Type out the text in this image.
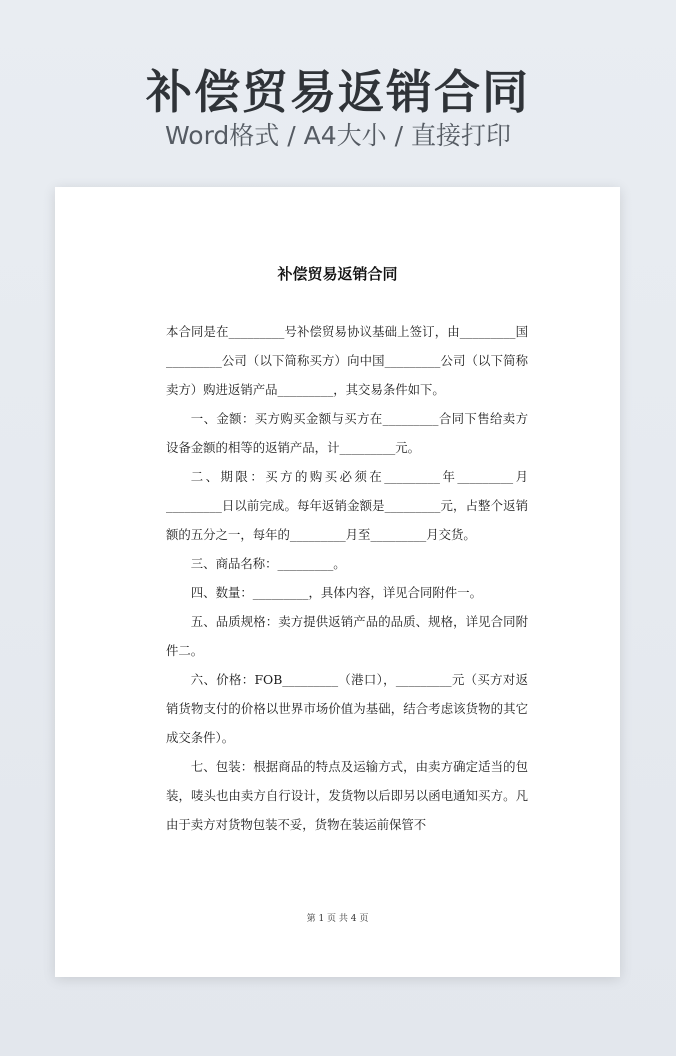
补偿贸易返销合同
Word格式 / A4大小 / 直接打印
补偿贸易返销合同

本合同是在_________号补偿贸易协议基础上签订，由_________国_________公司（以下简称买方）向中国_________公司（以下简称卖方）购进返销产品_________，其交易条件如下。

一、金额：买方购买金额与买方在_________合同下售给卖方设备金额的相等的返销产品，计_________元。

二、期限：买方的购买必须在_________年_________月_________日以前完成。每年返销金额是_________元，占整个返销额的五分之一，每年的_________月至_________月交货。

三、商品名称：_________。

四、数量：_________，具体内容，详见合同附件一。

五、品质规格：卖方提供返销产品的品质、规格，详见合同附件二。

六、价格：FOB_________（港口），_________元（买方对返销货物支付的价格以世界市场价值为基础，结合考虑该货物的其它成交条件）。

七、包装：根据商品的特点及运输方式，由卖方确定适当的包装，唛头也由卖方自行设计，发货物以后即另以函电通知买方。凡由于卖方对货物包装不妥，货物在装运前保管不

第 1 页 共 4 页
